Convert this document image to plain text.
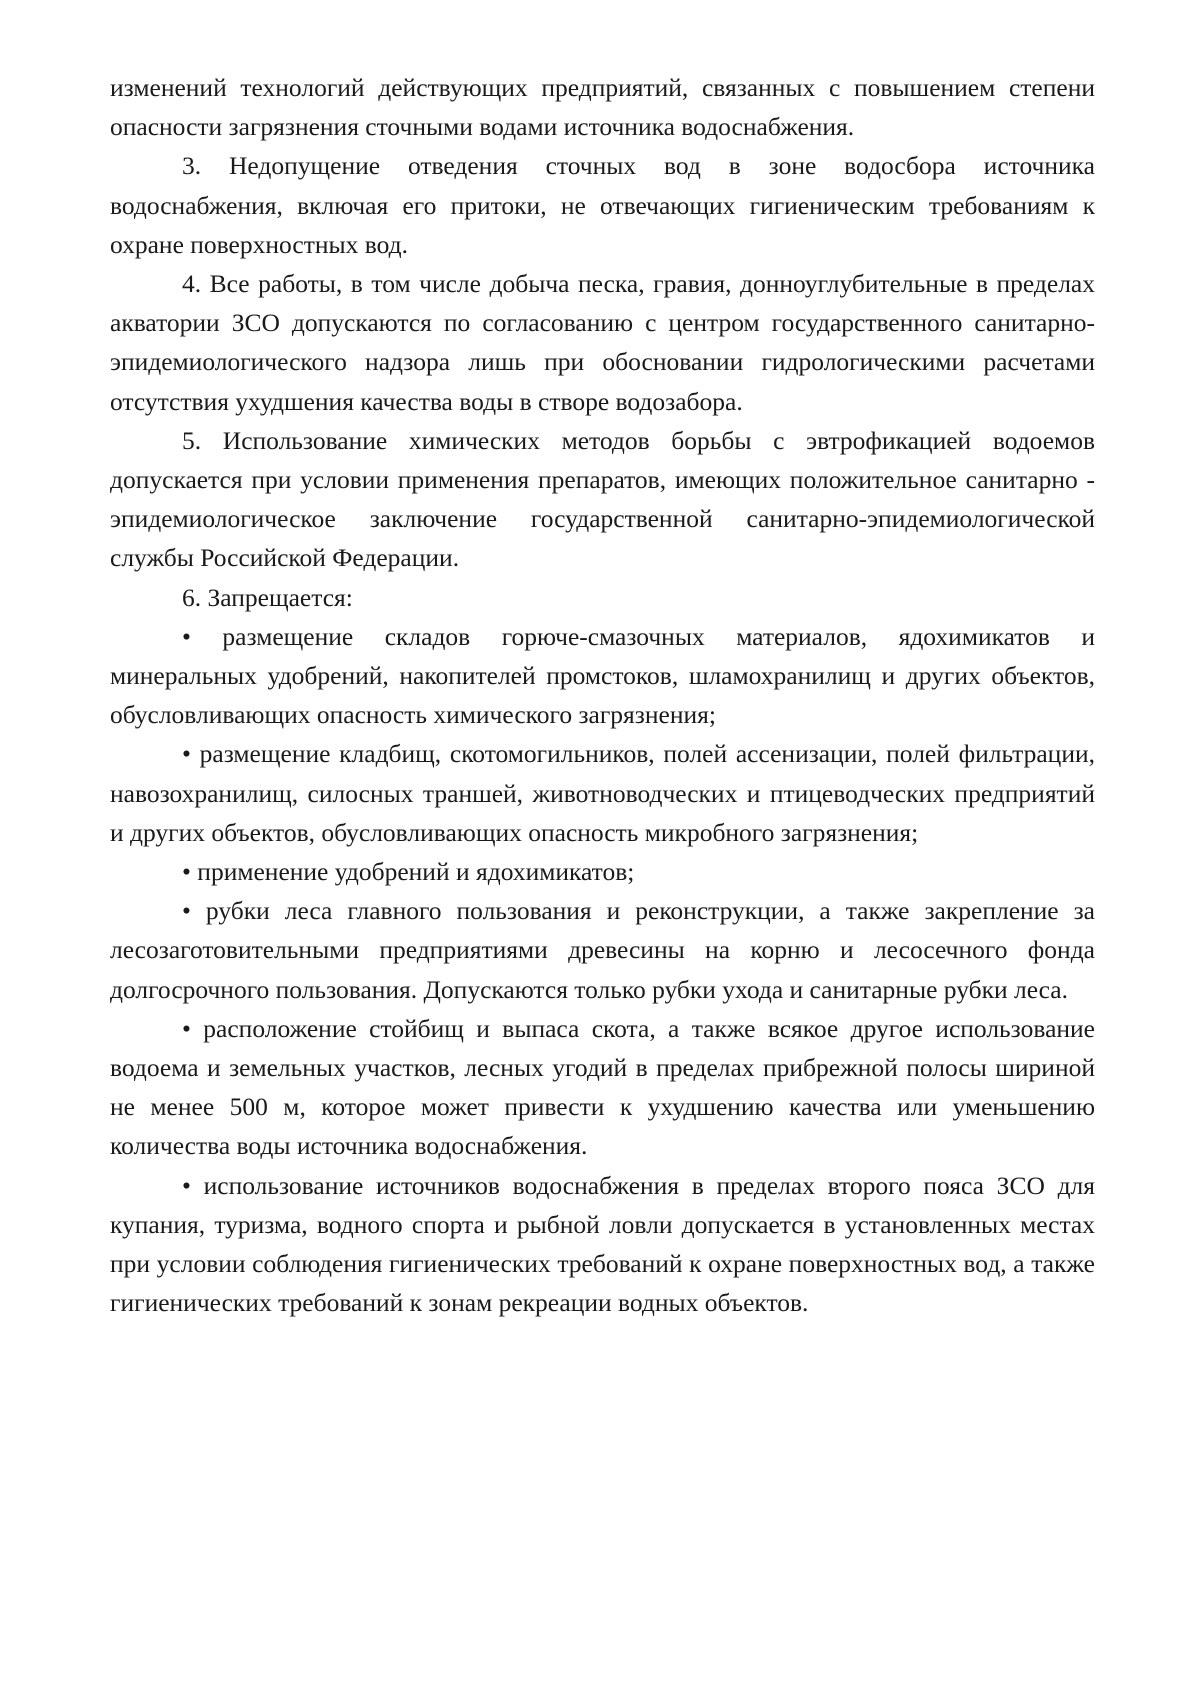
изменений технологий действующих предприятий, связанных с повышением степени опасности загрязнения сточными водами источника водоснабжения.

3. Недопущение отведения сточных вод в зоне водосбора источника водоснабжения, включая его притоки, не отвечающих гигиеническим требованиям к охране поверхностных вод.

4. Все работы, в том числе добыча песка, гравия, донноуглубительные в пределах акватории ЗСО допускаются по согласованию с центром государственного санитарно-эпидемиологического надзора лишь при обосновании гидрологическими расчетами отсутствия ухудшения качества воды в створе водозабора.

5. Использование химических методов борьбы с эвтрофикацией водоемов допускается при условии применения препаратов, имеющих положительное санитарно - эпидемиологическое заключение государственной санитарно-эпидемиологической службы Российской Федерации.

6. Запрещается:

• размещение складов горюче-смазочных материалов, ядохимикатов и минеральных удобрений, накопителей промстоков, шламохранилищ и других объектов, обусловливающих опасность химического загрязнения;

• размещение кладбищ, скотомогильников, полей ассенизации, полей фильтрации, навозохранилищ, силосных траншей, животноводческих и птицеводческих предприятий и других объектов, обусловливающих опасность микробного загрязнения;

• применение удобрений и ядохимикатов;

• рубки леса главного пользования и реконструкции, а также закрепление за лесозаготовительными предприятиями древесины на корню и лесосечного фонда долгосрочного пользования. Допускаются только рубки ухода и санитарные рубки леса.

• расположение стойбищ и выпаса скота, а также всякое другое использование водоема и земельных участков, лесных угодий в пределах прибрежной полосы шириной не менее 500 м, которое может привести к ухудшению качества или уменьшению количества воды источника водоснабжения.

• использование источников водоснабжения в пределах второго пояса ЗСО для купания, туризма, водного спорта и рыбной ловли допускается в установленных местах при условии соблюдения гигиенических требований к охране поверхностных вод, а также гигиенических требований к зонам рекреации водных объектов.
